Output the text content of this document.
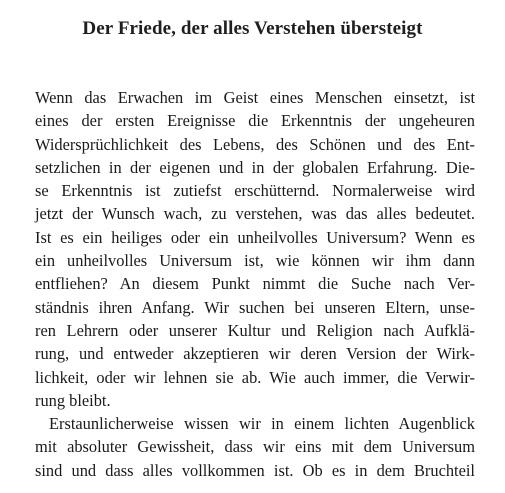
Der Friede, der alles Verstehen übersteigt
Wenn das Erwachen im Geist eines Menschen einsetzt, ist
eines der ersten Ereignisse die Erkenntnis der ungeheuren
Widersprüchlichkeit des Lebens, des Schönen und des Ent-
setzlichen in der eigenen und in der globalen Erfahrung. Die-
se Erkenntnis ist zutiefst erschütternd. Normalerweise wird
jetzt der Wunsch wach, zu verstehen, was das alles bedeutet.
Ist es ein heiliges oder ein unheilvolles Universum? Wenn es
ein unheilvolles Universum ist, wie können wir ihm dann
entfliehen? An diesem Punkt nimmt die Suche nach Ver-
ständnis ihren Anfang. Wir suchen bei unseren Eltern, unse-
ren Lehrern oder unserer Kultur und Religion nach Aufklä-
rung, und entweder akzeptieren wir deren Version der Wirk-
lichkeit, oder wir lehnen sie ab. Wie auch immer, die Verwir-
rung bleibt.
Erstaunlicherweise wissen wir in einem lichten Augenblick
mit absoluter Gewissheit, dass wir eins mit dem Universum
sind und dass alles vollkommen ist. Ob es in dem Bruchteil
